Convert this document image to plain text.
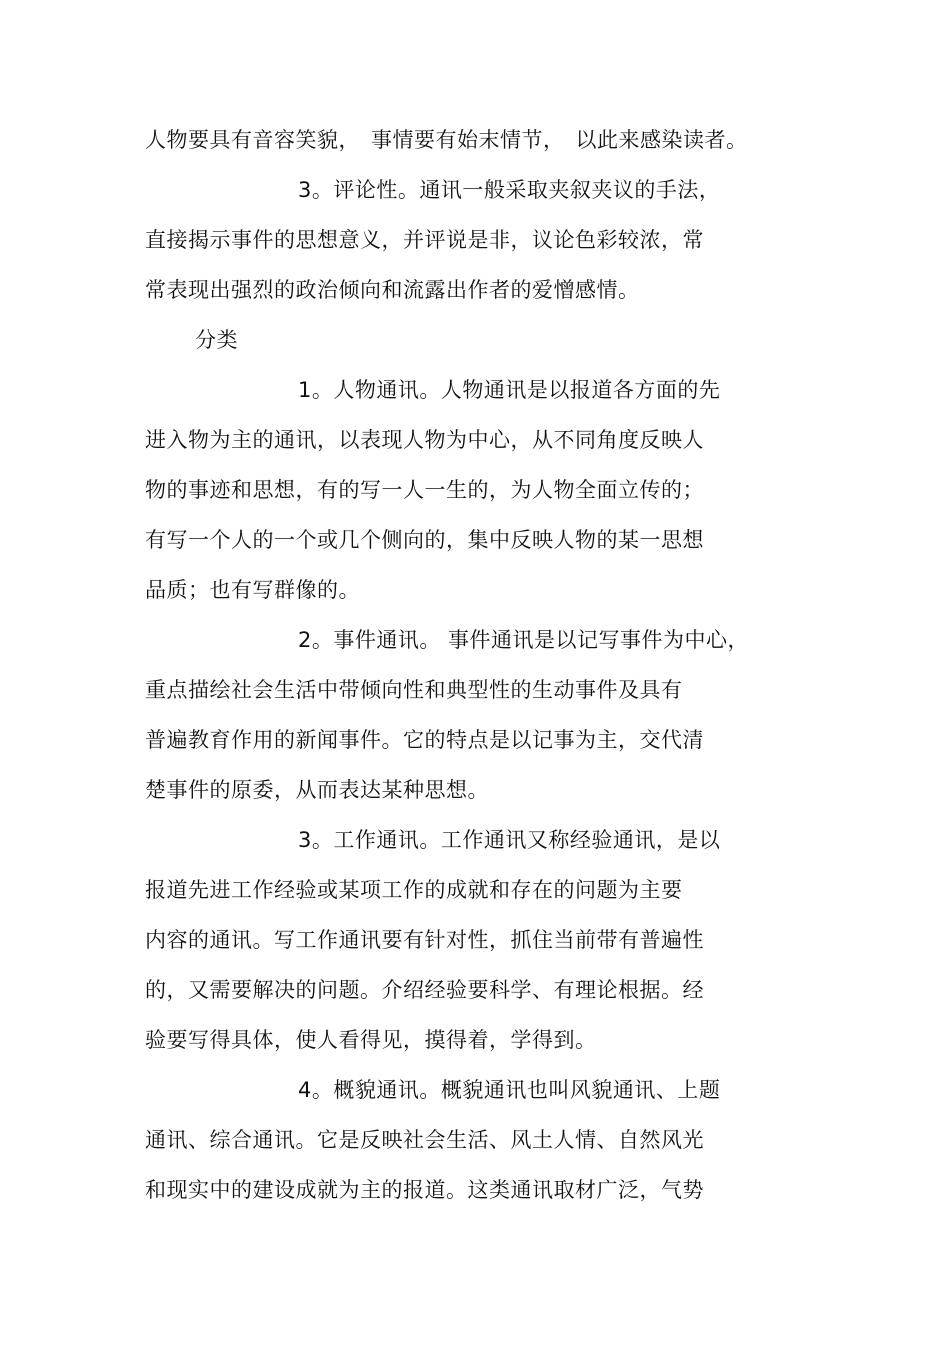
人物要具有音容笑貌，　事情要有始末情节，　以此来感染读者。
3。评论性。通讯一般采取夹叙夹议的手法，
直接揭示事件的思想意义，并评说是非，议论色彩较浓，常
常表现出强烈的政治倾向和流露出作者的爱憎感情。
分类
1。人物通讯。人物通讯是以报道各方面的先
进入物为主的通讯，以表现人物为中心，从不同角度反映人
物的事迹和思想，有的写一人一生的，为人物全面立传的；
有写一个人的一个或几个侧向的，集中反映人物的某一思想
品质；也有写群像的。
2。事件通讯。 事件通讯是以记写事件为中心，
重点描绘社会生活中带倾向性和典型性的生动事件及具有
普遍教育作用的新闻事件。它的特点是以记事为主，交代清
楚事件的原委，从而表达某种思想。
3。工作通讯。工作通讯又称经验通讯，是以
报道先进工作经验或某项工作的成就和存在的问题为主要
内容的通讯。写工作通讯要有针对性，抓住当前带有普遍性
的，又需要解决的问题。介绍经验要科学、有理论根据。经
验要写得具体，使人看得见，摸得着，学得到。
4。概貌通讯。概貌通讯也叫风貌通讯、上题
通讯、综合通讯。它是反映社会生活、风土人情、自然风光
和现实中的建设成就为主的报道。这类通讯取材广泛，气势
